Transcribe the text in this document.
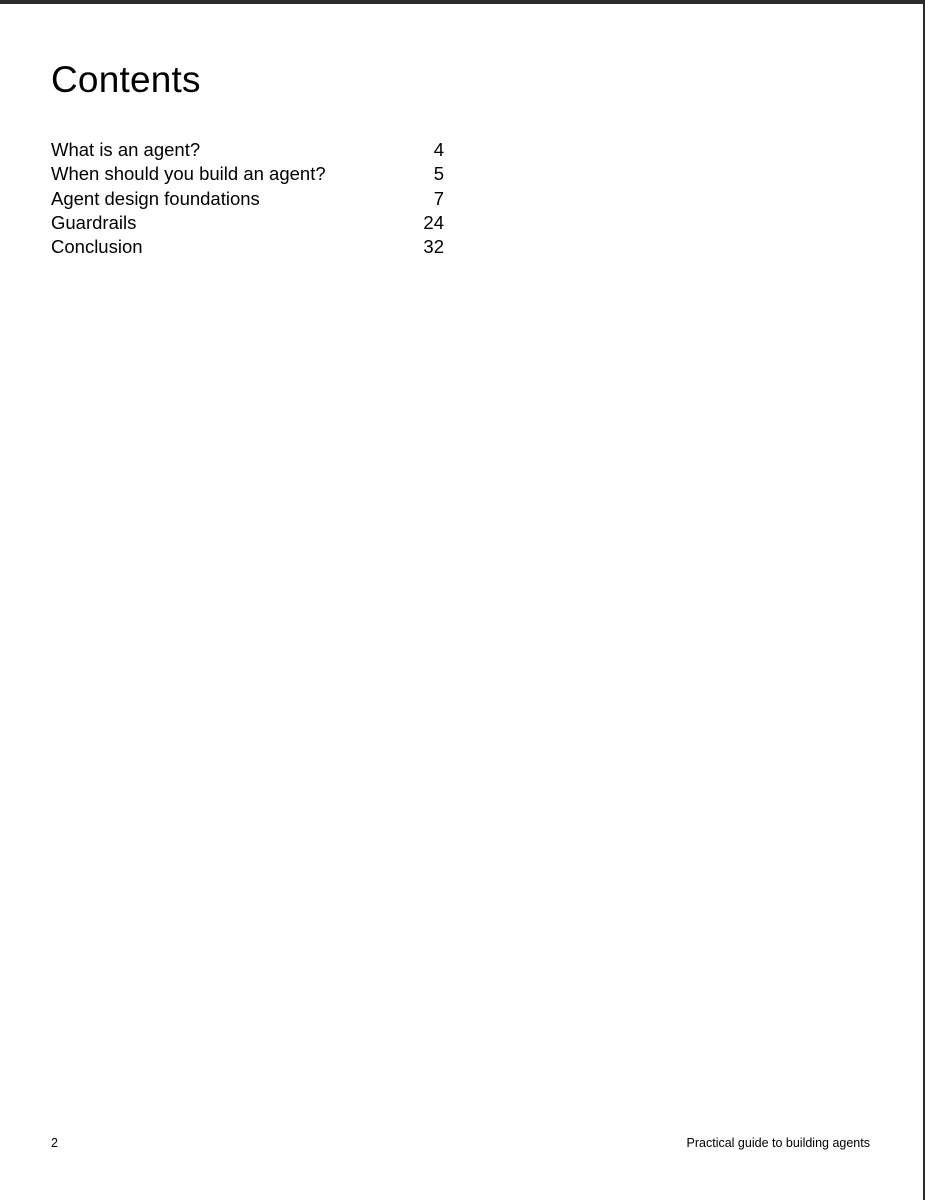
Contents
What is an agent?	4
When should you build an agent?	5
Agent design foundations	7
Guardrails	24
Conclusion	32
2	Practical guide to building agents
